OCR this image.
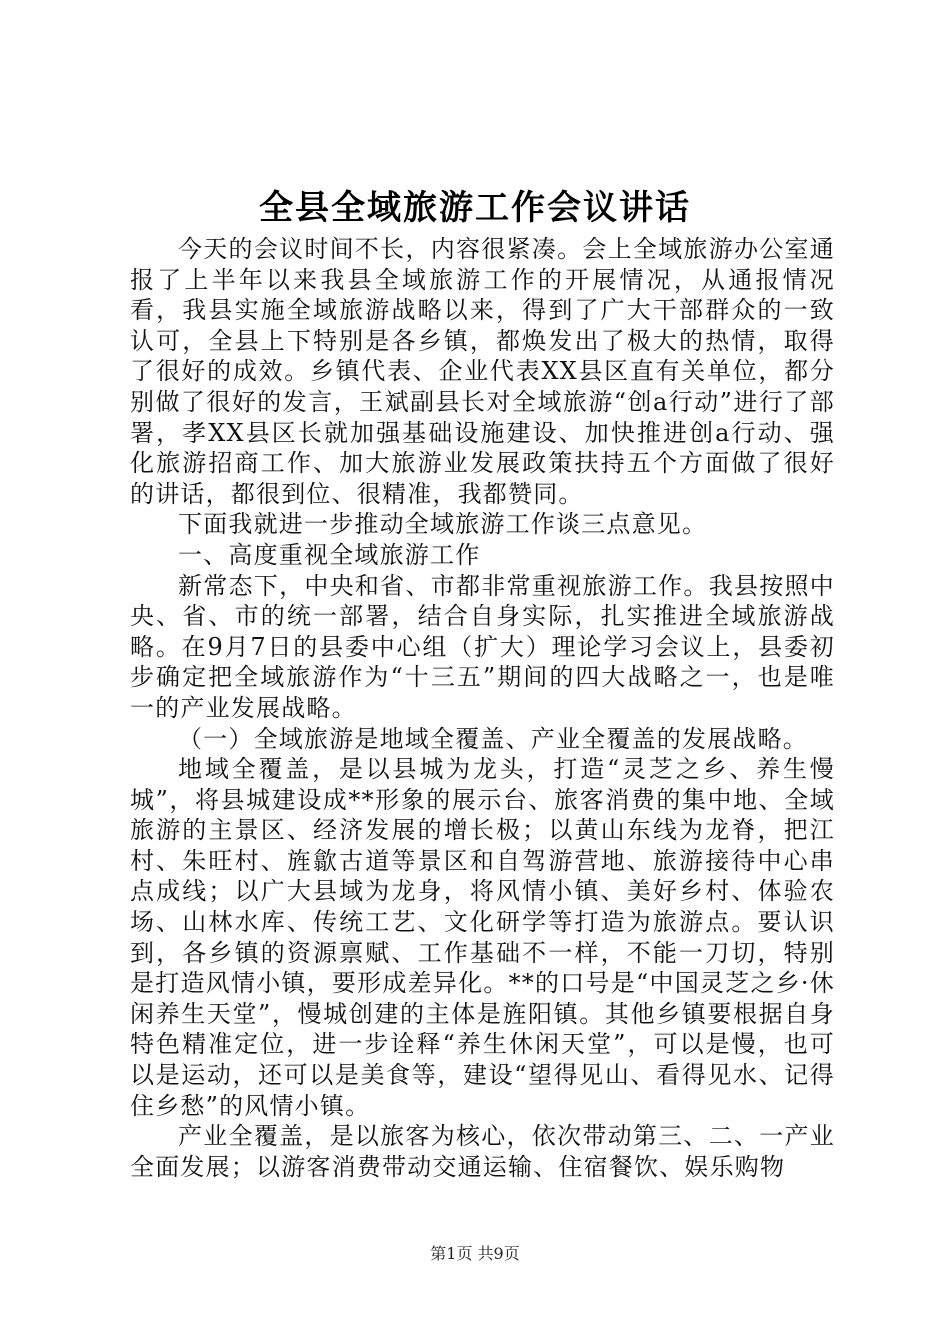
全县全域旅游工作会议讲话

今天的会议时间不长，内容很紧凑。会上全域旅游办公室通报了上半年以来我县全域旅游工作的开展情况，从通报情况看，我县实施全域旅游战略以来，得到了广大干部群众的一致认可，全县上下特别是各乡镇，都焕发出了极大的热情，取得了很好的成效。乡镇代表、企业代表XX县区直有关单位，都分别做了很好的发言，王斌副县长对全域旅游“创a行动”进行了部署，孝XX县区长就加强基础设施建设、加快推进创a行动、强化旅游招商工作、加大旅游业发展政策扶持五个方面做了很好的讲话，都很到位、很精准，我都赞同。

下面我就进一步推动全域旅游工作谈三点意见。

一、高度重视全域旅游工作

新常态下，中央和省、市都非常重视旅游工作。我县按照中央、省、市的统一部署，结合自身实际，扎实推进全域旅游战略。在9月7日的县委中心组（扩大）理论学习会议上，县委初步确定把全域旅游作为“十三五”期间的四大战略之一，也是唯一的产业发展战略。

（一）全域旅游是地域全覆盖、产业全覆盖的发展战略。

地域全覆盖，是以县城为龙头，打造“灵芝之乡、养生慢城”，将县城建设成**形象的展示台、旅客消费的集中地、全域旅游的主景区、经济发展的增长极；以黄山东线为龙脊，把江村、朱旺村、旌歙古道等景区和自驾游营地、旅游接待中心串点成线；以广大县域为龙身，将风情小镇、美好乡村、体验农场、山林水库、传统工艺、文化研学等打造为旅游点。要认识到，各乡镇的资源禀赋、工作基础不一样，不能一刀切，特别是打造风情小镇，要形成差异化。**的口号是“中国灵芝之乡·休闲养生天堂”，慢城创建的主体是旌阳镇。其他乡镇要根据自身特色精准定位，进一步诠释“养生休闲天堂”，可以是慢，也可以是运动，还可以是美食等，建设“望得见山、看得见水、记得住乡愁”的风情小镇。

产业全覆盖，是以旅客为核心，依次带动第三、二、一产业全面发展；以游客消费带动交通运输、住宿餐饮、娱乐购物

第1页 共9页
